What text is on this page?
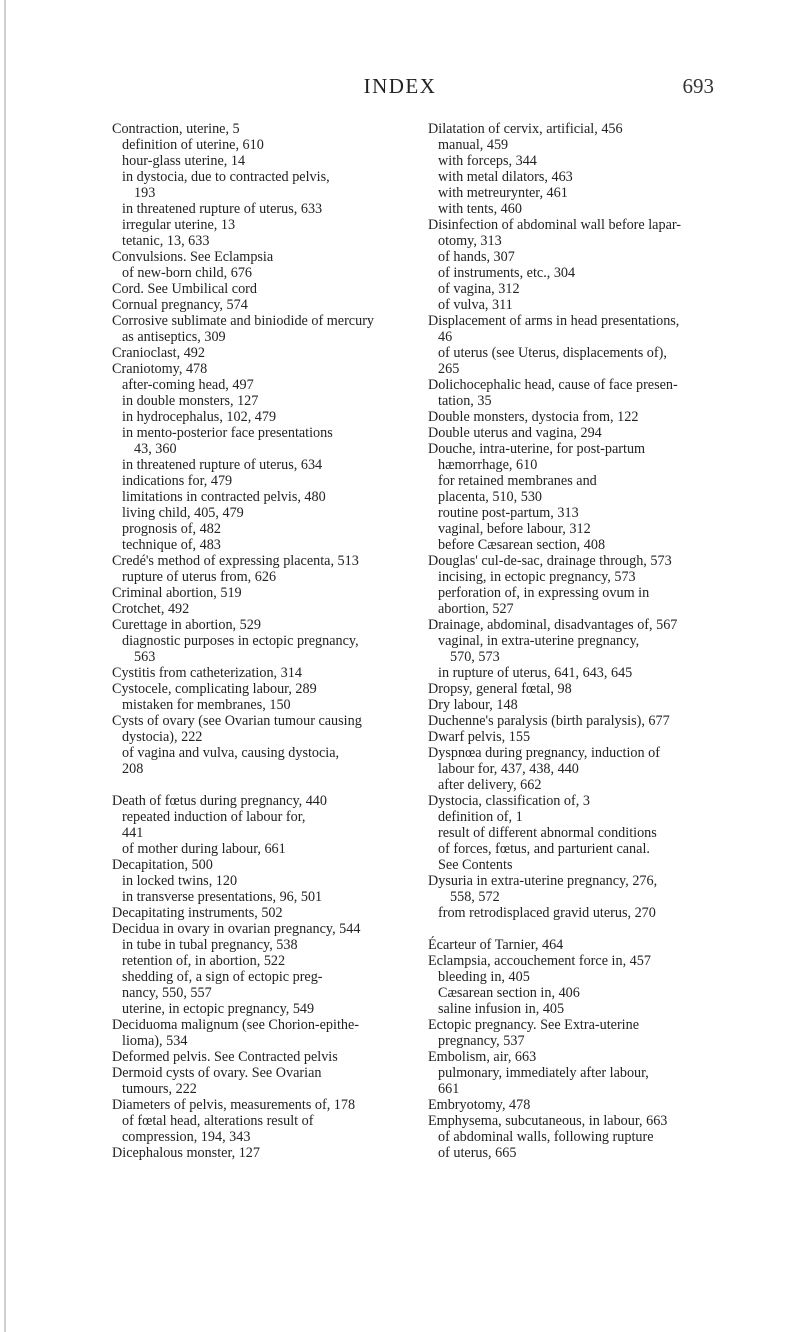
INDEX	693
Contraction, uterine, 5
definition of uterine, 610
hour-glass uterine, 14
in dystocia, due to contracted pelvis,
193
in threatened rupture of uterus, 633
irregular uterine, 13
tetanic, 13, 633
Convulsions. See Eclampsia
of new-born child, 676
Cord. See Umbilical cord
Cornual pregnancy, 574
Corrosive sublimate and biniodide of mercury
as antiseptics, 309
Cranioclast, 492
Craniotomy, 478
after-coming head, 497
in double monsters, 127
in hydrocephalus, 102, 479
in mento-posterior face presentations
43, 360
in threatened rupture of uterus, 634
indications for, 479
limitations in contracted pelvis, 480
living child, 405, 479
prognosis of, 482
technique of, 483
Credé's method of expressing placenta, 513
rupture of uterus from, 626
Criminal abortion, 519
Crotchet, 492
Curettage in abortion, 529
diagnostic purposes in ectopic pregnancy,
563
Cystitis from catheterization, 314
Cystocele, complicating labour, 289
mistaken for membranes, 150
Cysts of ovary (see Ovarian tumour causing
dystocia), 222
of vagina and vulva, causing dystocia,
208
Death of fœtus during pregnancy, 440
repeated induction of labour for,
441
of mother during labour, 661
Decapitation, 500
in locked twins, 120
in transverse presentations, 96, 501
Decapitating instruments, 502
Decidua in ovary in ovarian pregnancy, 544
in tube in tubal pregnancy, 538
retention of, in abortion, 522
shedding of, a sign of ectopic preg-
nancy, 550, 557
uterine, in ectopic pregnancy, 549
Deciduoma malignum (see Chorion-epithe-
lioma), 534
Deformed pelvis. See Contracted pelvis
Dermoid cysts of ovary. See Ovarian
tumours, 222
Diameters of pelvis, measurements of, 178
of fœtal head, alterations result of
compression, 194, 343
Dicephalous monster, 127
Dilatation of cervix, artificial, 456
manual, 459
with forceps, 344
with metal dilators, 463
with metreurynter, 461
with tents, 460
Disinfection of abdominal wall before lapar-
otomy, 313
of hands, 307
of instruments, etc., 304
of vagina, 312
of vulva, 311
Displacement of arms in head presentations,
46
of uterus (see Uterus, displacements of),
265
Dolichocephalic head, cause of face presen-
tation, 35
Double monsters, dystocia from, 122
Double uterus and vagina, 294
Douche, intra-uterine, for post-partum
hæmorrhage, 610
for retained membranes and
placenta, 510, 530
routine post-partum, 313
vaginal, before labour, 312
before Cæsarean section, 408
Douglas' cul-de-sac, drainage through, 573
incising, in ectopic pregnancy, 573
perforation of, in expressing ovum in
abortion, 527
Drainage, abdominal, disadvantages of, 567
vaginal, in extra-uterine pregnancy,
570, 573
in rupture of uterus, 641, 643, 645
Dropsy, general fœtal, 98
Dry labour, 148
Duchenne's paralysis (birth paralysis), 677
Dwarf pelvis, 155
Dyspnœa during pregnancy, induction of
labour for, 437, 438, 440
after delivery, 662
Dystocia, classification of, 3
definition of, 1
result of different abnormal conditions
of forces, fœtus, and parturient canal.
See Contents
Dysuria in extra-uterine pregnancy, 276,
558, 572
from retrodisplaced gravid uterus, 270
Écarteur of Tarnier, 464
Eclampsia, accouchement force in, 457
bleeding in, 405
Cæsarean section in, 406
saline infusion in, 405
Ectopic pregnancy. See Extra-uterine
pregnancy, 537
Embolism, air, 663
pulmonary, immediately after labour,
661
Embryotomy, 478
Emphysema, subcutaneous, in labour, 663
of abdominal walls, following rupture
of uterus, 665
